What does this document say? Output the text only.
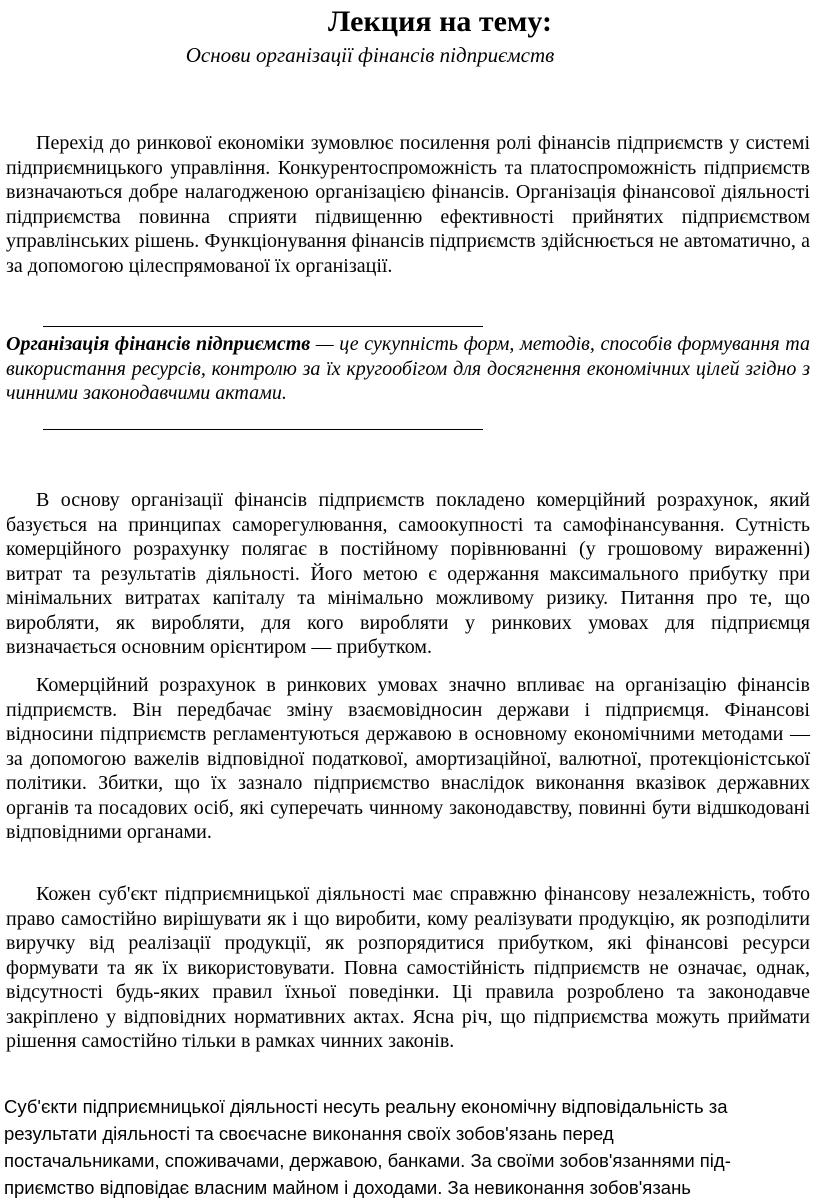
Лекция на тему:
Основи організації фінансів підприємств

Перехід до ринкової економіки зумовлює посилення ролі фінансів підприємств у системі підприємницького управління. Конкурентоспроможність та платоспроможність підприємств визначаються добре налагодженою організацією фінансів. Організація фінансової діяльності підприємства повинна сприяти підвищенню ефективності прийнятих підприємством управлінських рішень. Функціонування фінансів підприємств здійснюється не автоматично, а за допомогою цілеспрямованої їх організації.

Організація фінансів підприємств — це сукупність форм, методів, способів формування та використання ресурсів, контролю за їх кругообігом для досягнення економічних цілей згідно з чинними законодавчими актами.

В основу організації фінансів підприємств покладено комерційний розрахунок, який базується на принципах саморегулювання, самоокупності та самофінансування. Сутність комерційного розрахунку полягає в постійному порівнюванні (у грошовому вираженні) витрат та результатів діяльності. Його метою є одержання максимального прибутку при мінімальних витратах капіталу та мінімально можливому ризику. Питання про те, що виробляти, як виробляти, для кого виробляти у ринкових умовах для підприємця визначається основним орієнтиром — прибутком.

Комерційний розрахунок в ринкових умовах значно впливає на організацію фінансів підприємств. Він передбачає зміну взаємовідносин держави і підприємця. Фінансові відносини підприємств регламентуються державою в основному економічними методами — за допомогою важелів відповідної податкової, амортизаційної, валютної, протекціоністської політики. Збитки, що їх зазнало підприємство внаслідок виконання вказівок державних органів та посадових осіб, які суперечать чинному законодавству, повинні бути відшкодовані відповідними органами.

Кожен суб'єкт підприємницької діяльності має справжню фінансову незалежність, тобто право самостійно вирішувати як і що виробити, кому реалізувати продукцію, як розподілити виручку від реалізації продукції, як розпорядитися прибутком, які фінансові ресурси формувати та як їх використовувати. Повна самостійність підприємств не означає, однак, відсутності будь-яких правил їхньої поведінки. Ці правила розроблено та законодавче закріплено у відповідних нормативних актах. Ясна річ, що підприємства можуть приймати рішення самостійно тільки в рамках чинних законів.

Суб'єкти підприємницької діяльності несуть реальну економічну відповідальність за
результати діяльності та своєчасне виконання своїх зобов'язань перед
постачальниками, споживачами, державою, банками. За своїми зобов'язаннями під-
приємство відповідає власним майном і доходами. За невиконання зобов'язань
